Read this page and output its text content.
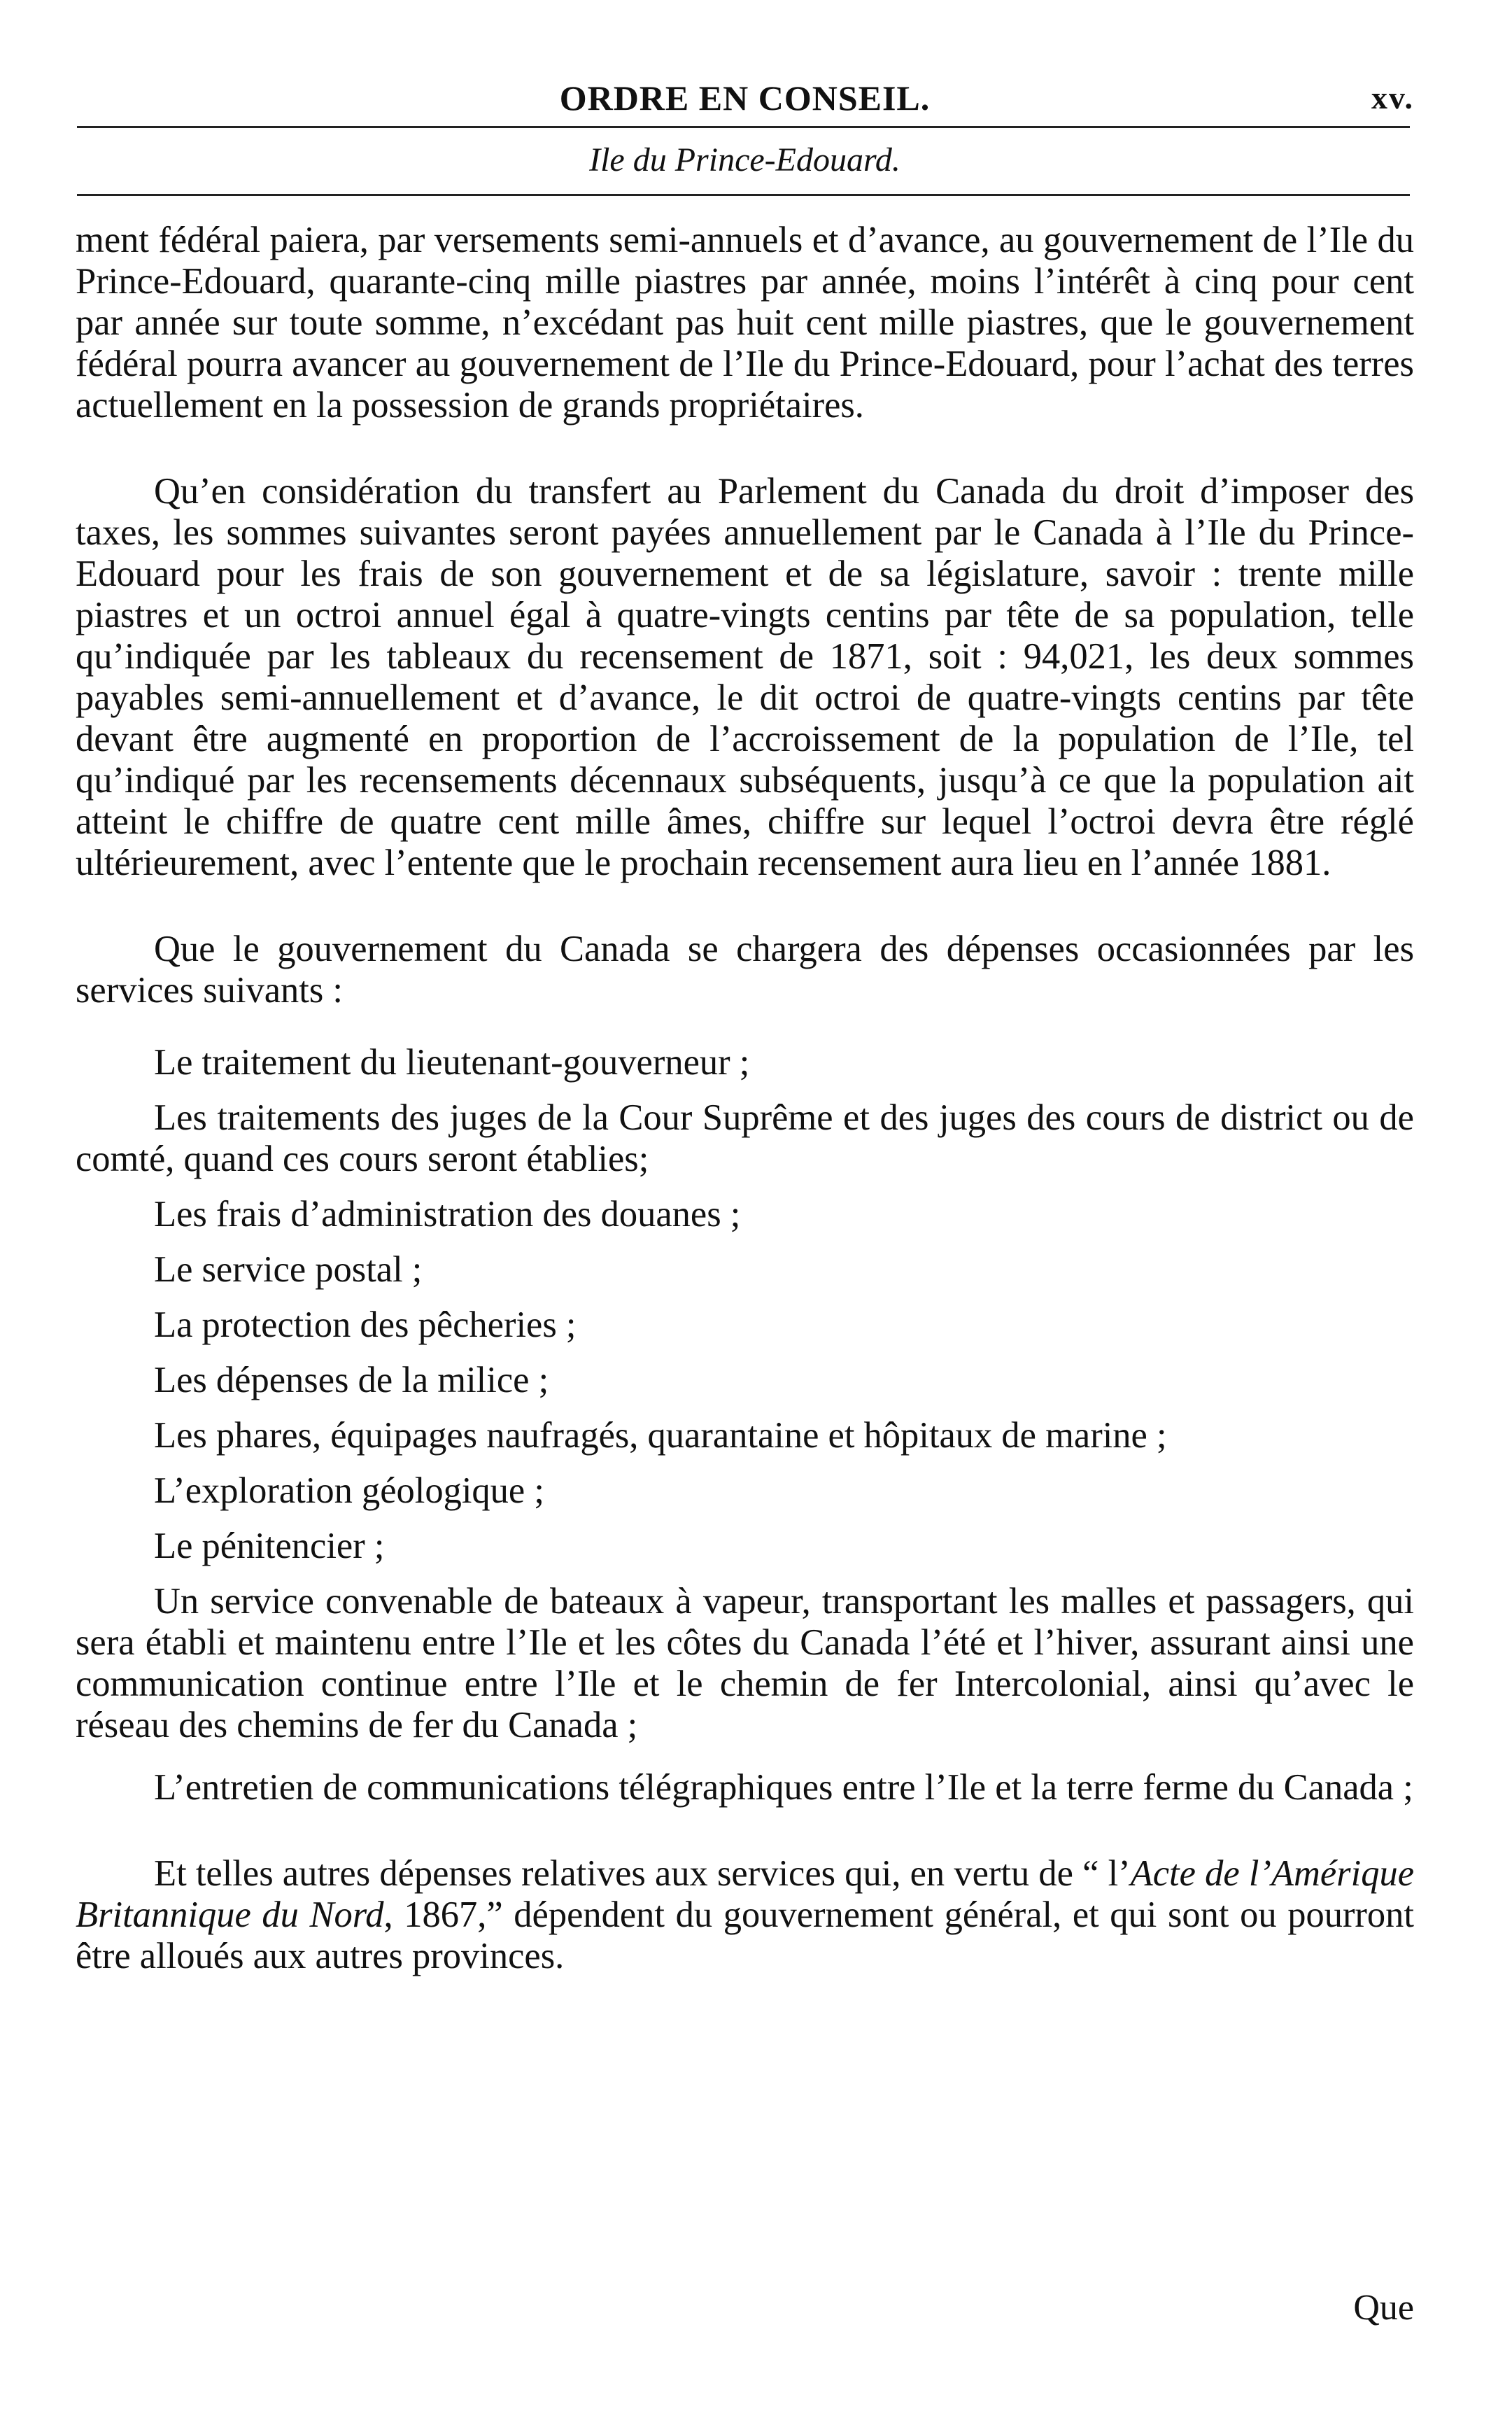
ORDRE EN CONSEIL.	xv.
Ile du Prince-Edouard.

ment fédéral paiera, par versements semi-annuels et d’avance, au gouvernement de l’Ile du Prince-Edouard, quarante-cinq mille piastres par année, moins l’intérêt à cinq pour cent par année sur toute somme, n’excédant pas huit cent mille piastres, que le gouvernement fédéral pourra avancer au gouvernement de l’Ile du Prince-Edouard, pour l’achat des terres actuellement en la possession de grands propriétaires.

Qu’en considération du transfert au Parlement du Canada du droit d’imposer des taxes, les sommes suivantes seront payées annuellement par le Canada à l’Ile du Prince-Edouard pour les frais de son gouvernement et de sa législature, savoir : trente mille piastres et un octroi annuel égal à quatre-vingts centins par tête de sa population, telle qu’indiquée par les tableaux du recensement de 1871, soit : 94,021, les deux sommes payables semi-annuellement et d’avance, le dit octroi de quatre-vingts centins par tête devant être augmenté en proportion de l’accroissement de la population de l’Ile, tel qu’indiqué par les recensements décennaux subséquents, jusqu’à ce que la population ait atteint le chiffre de quatre cent mille âmes, chiffre sur lequel l’octroi devra être réglé ultérieurement, avec l’entente que le prochain recensement aura lieu en l’année 1881.

Que le gouvernement du Canada se chargera des dépenses occasionnées par les services suivants :

Le traitement du lieutenant-gouverneur ;

Les traitements des juges de la Cour Suprême et des juges des cours de district ou de comté, quand ces cours seront établies;

Les frais d’administration des douanes ;

Le service postal ;

La protection des pêcheries ;

Les dépenses de la milice ;

Les phares, équipages naufragés, quarantaine et hôpitaux de marine ;

L’exploration géologique ;

Le pénitencier ;

Un service convenable de bateaux à vapeur, transportant les malles et passagers, qui sera établi et maintenu entre l’Ile et les côtes du Canada l’été et l’hiver, assurant ainsi une communication continue entre l’Ile et le chemin de fer Intercolonial, ainsi qu’avec le réseau des chemins de fer du Canada ;

L’entretien de communications télégraphiques entre l’Ile et la terre ferme du Canada ;

Et telles autres dépenses relatives aux services qui, en vertu de “ l’Acte de l’Amérique Britannique du Nord, 1867,” dépendent du gouvernement général, et qui sont ou pourront être alloués aux autres provinces.

Que
